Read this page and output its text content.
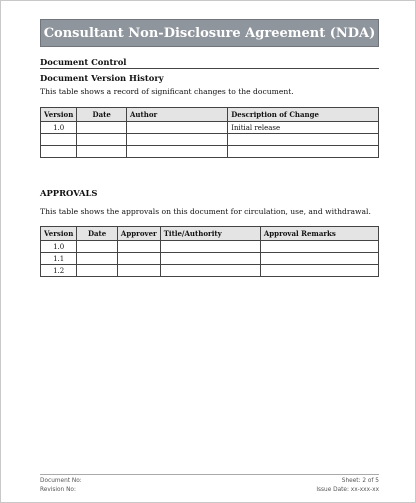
Consultant Non-Disclosure Agreement (NDA)
Document Control
Document Version History
This table shows a record of significant changes to the document.
Version	Date	Author	Description of Change
1.0			Initial release

APPROVALS
This table shows the approvals on this document for circulation, use, and withdrawal.
Version	Date	Approver	Title/Authority	Approval Remarks
1.0				
1.1				
1.2				
Document No:
Revision No:
Sheet: 2 of 5
Issue Date: xx-xxx-xx
